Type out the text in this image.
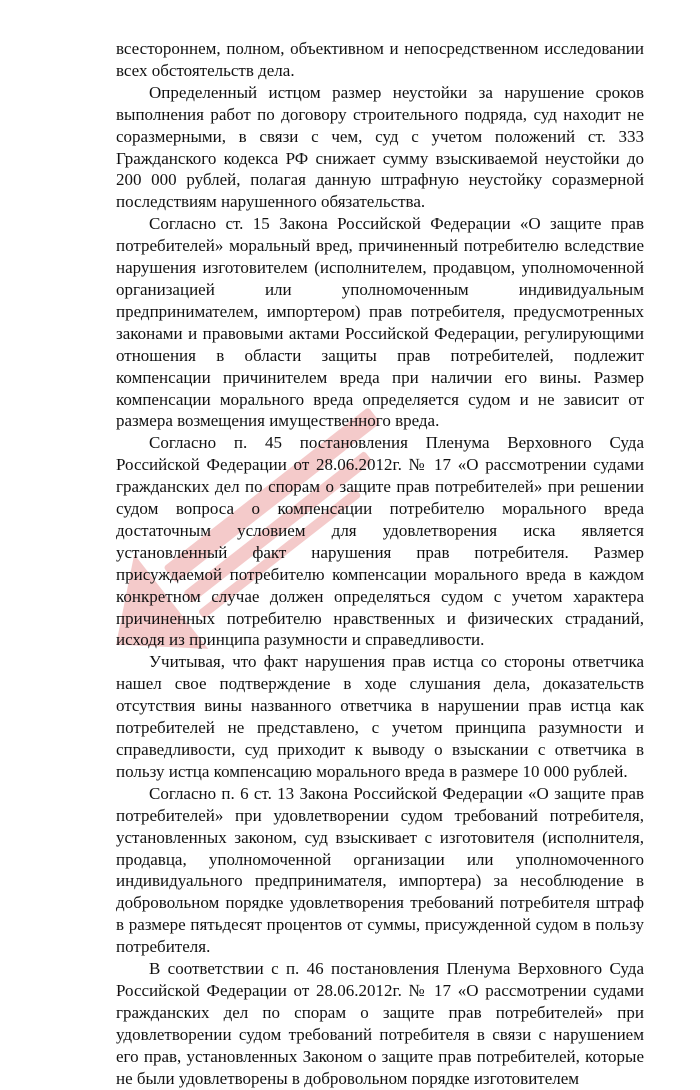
всестороннем, полном, объективном и непосредственном исследовании всех обстоятельств дела.

Определенный истцом размер неустойки за нарушение сроков выполнения работ по договору строительного подряда, суд находит не соразмерными, в связи с чем, суд с учетом положений ст. 333 Гражданского кодекса РФ снижает сумму взыскиваемой неустойки до 200 000 рублей, полагая данную штрафную неустойку соразмерной последствиям нарушенного обязательства.

Согласно ст. 15 Закона Российской Федерации «О защите прав потребителей» моральный вред, причиненный потребителю вследствие нарушения изготовителем (исполнителем, продавцом, уполномоченной организацией или уполномоченным индивидуальным предпринимателем, импортером) прав потребителя, предусмотренных законами и правовыми актами Российской Федерации, регулирующими отношения в области защиты прав потребителей, подлежит компенсации причинителем вреда при наличии его вины. Размер компенсации морального вреда определяется судом и не зависит от размера возмещения имущественного вреда.

Согласно п. 45 постановления Пленума Верховного Суда Российской Федерации от 28.06.2012г. № 17 «О рассмотрении судами гражданских дел по спорам о защите прав потребителей» при решении судом вопроса о компенсации потребителю морального вреда достаточным условием для удовлетворения иска является установленный факт нарушения прав потребителя. Размер присуждаемой потребителю компенсации морального вреда в каждом конкретном случае должен определяться судом с учетом характера причиненных потребителю нравственных и физических страданий, исходя из принципа разумности и справедливости.

Учитывая, что факт нарушения прав истца со стороны ответчика нашел свое подтверждение в ходе слушания дела, доказательств отсутствия вины названного ответчика в нарушении прав истца как потребителей не представлено, с учетом принципа разумности и справедливости, суд приходит к выводу о взыскании с ответчика в пользу истца компенсацию морального вреда в размере 10 000 рублей.

Согласно п. 6 ст. 13 Закона Российской Федерации «О защите прав потребителей» при удовлетворении судом требований потребителя, установленных законом, суд взыскивает с изготовителя (исполнителя, продавца, уполномоченной организации или уполномоченного индивидуального предпринимателя, импортера) за несоблюдение в добровольном порядке удовлетворения требований потребителя штраф в размере пятьдесят процентов от суммы, присужденной судом в пользу потребителя.

В соответствии с п. 46 постановления Пленума Верховного Суда Российской Федерации от 28.06.2012г. № 17 «О рассмотрении судами гражданских дел по спорам о защите прав потребителей» при удовлетворении судом требований потребителя в связи с нарушением его прав, установленных Законом о защите прав потребителей, которые не были удовлетворены в добровольном порядке изготовителем
